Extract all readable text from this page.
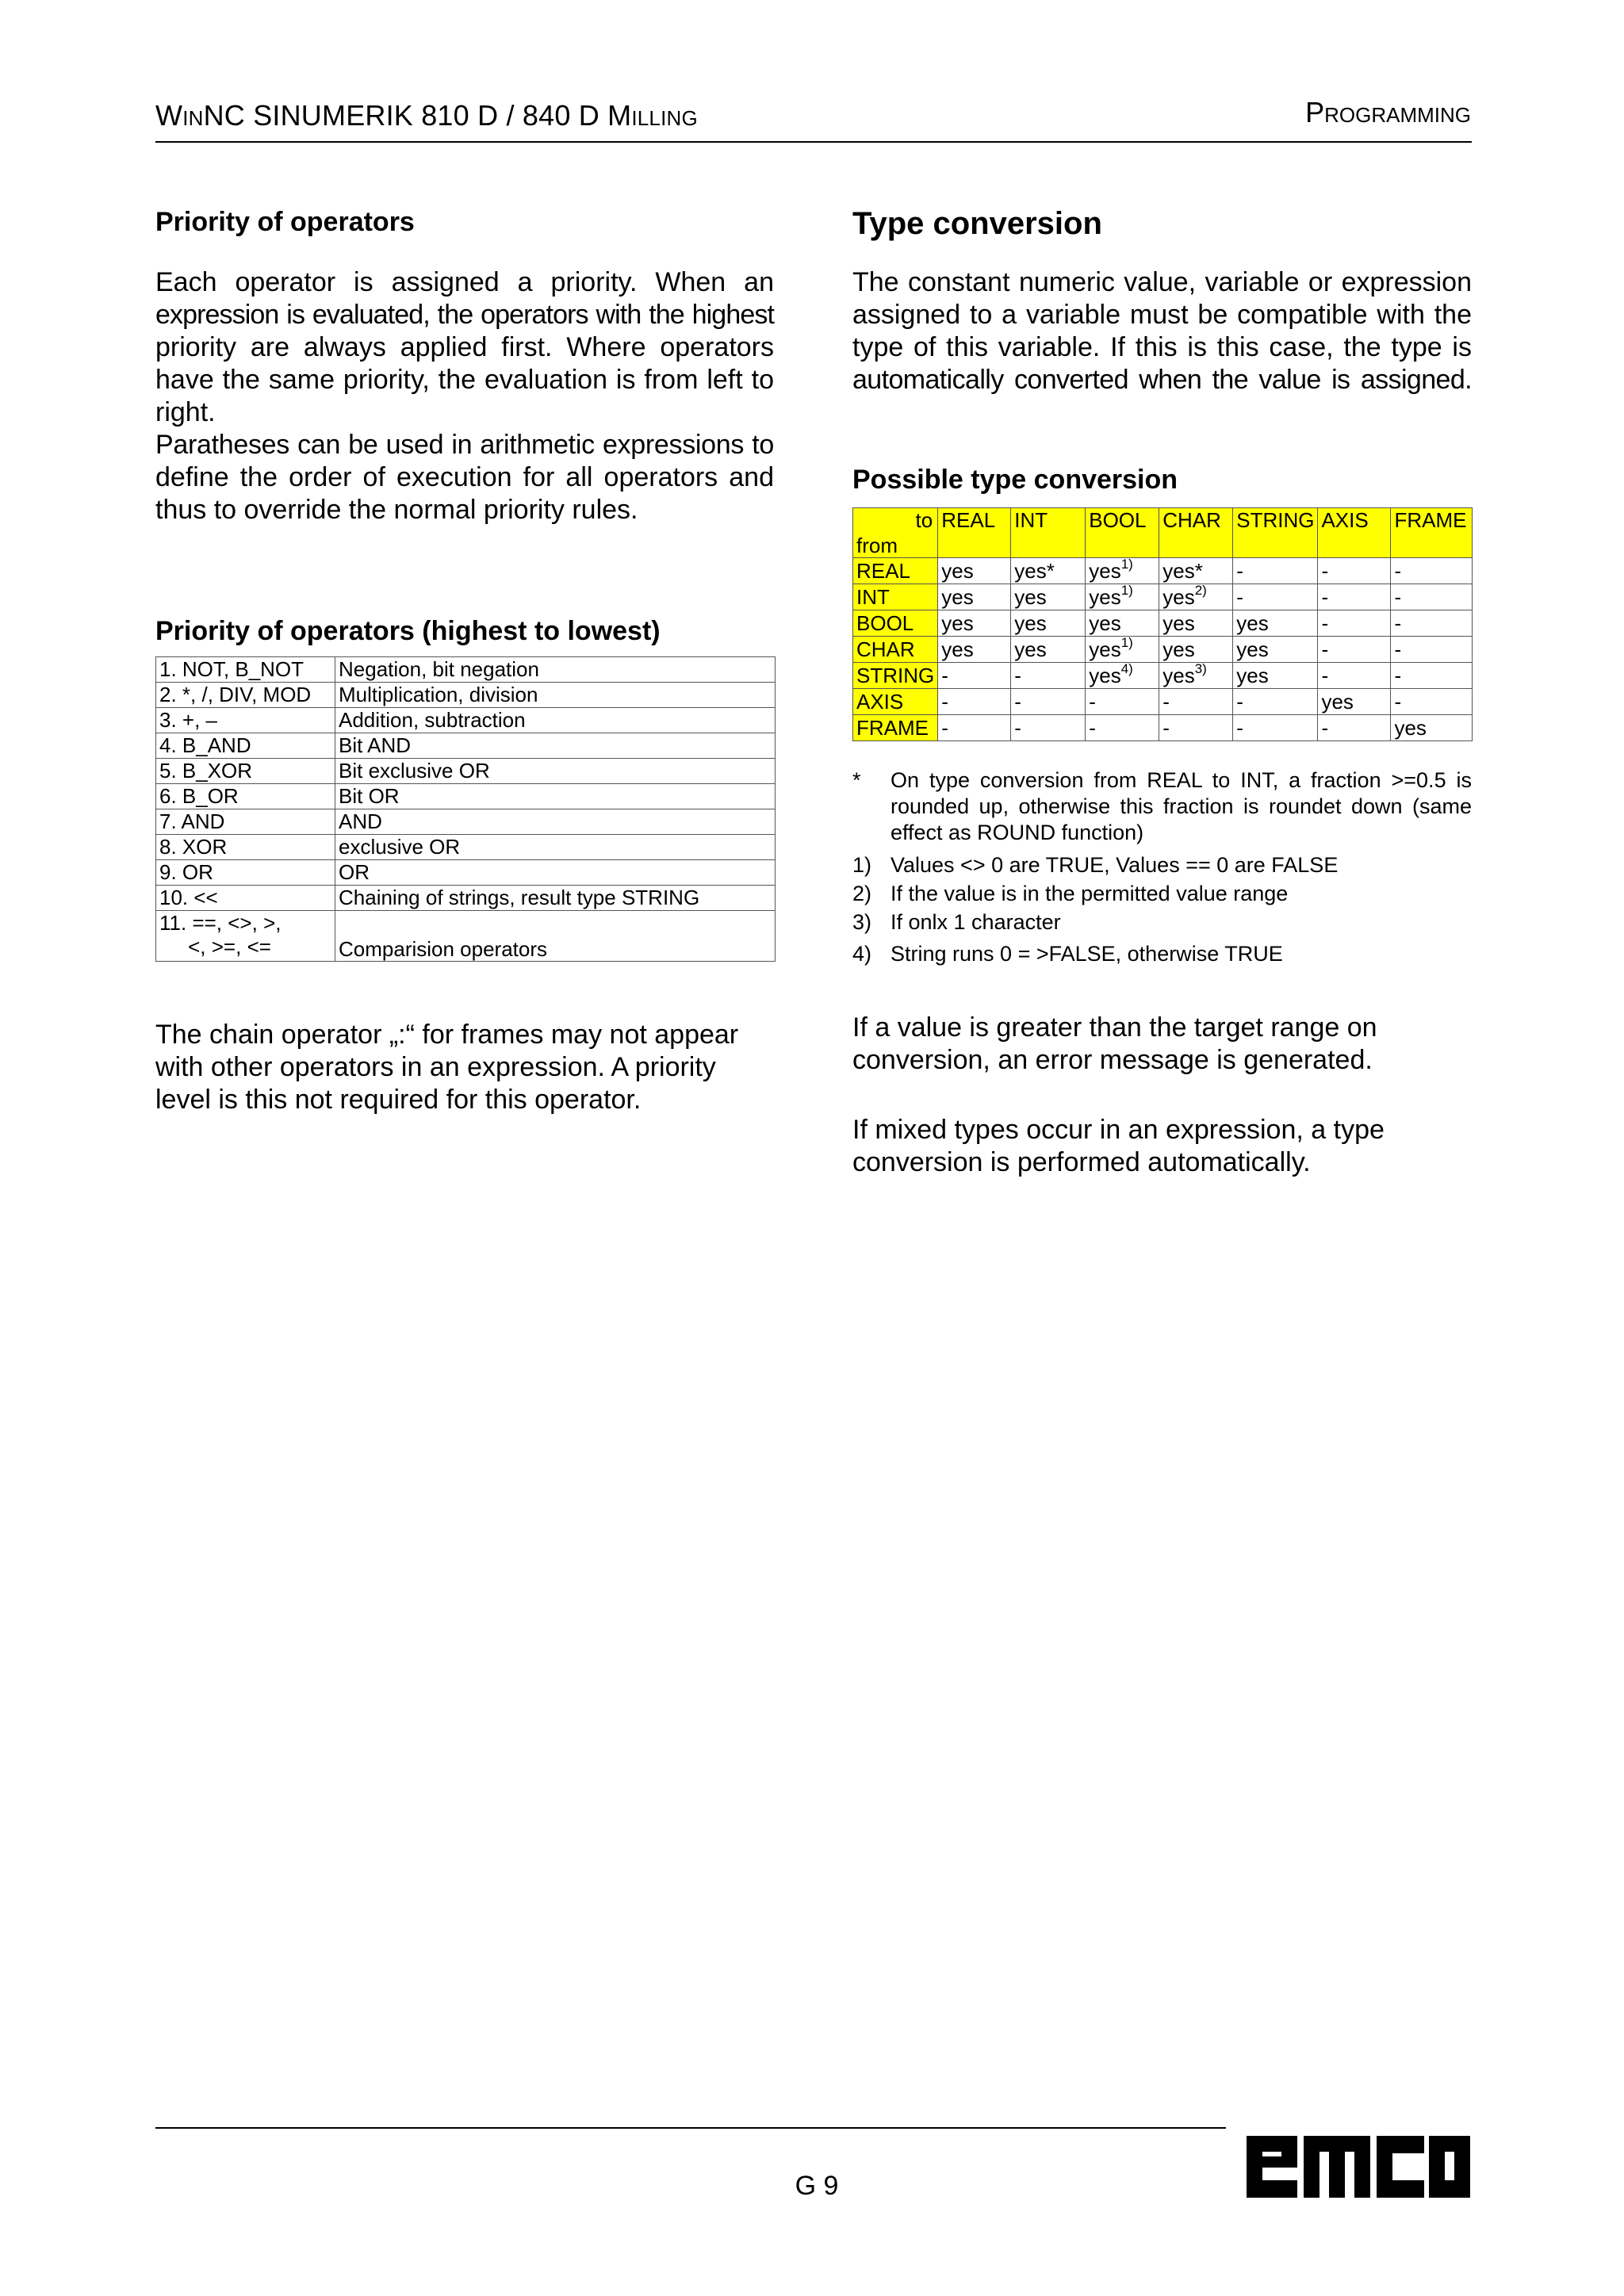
WINNC SINUMERIK 810 D / 840 D MILLING	PROGRAMMING
Priority of operators
Each operator is assigned a priority. When an
expression is evaluated, the operators with the highest
priority are always applied first. Where operators
have the same priority, the evaluation is from left to
right.
Paratheses can be used in arithmetic expressions to
define the order of execution for all operators and
thus to override the normal priority rules.
Priority of operators (highest to lowest)
1. NOT, B_NOT	Negation, bit negation
2. *, /, DIV, MOD	Multiplication, division
3. +, –	Addition, subtraction
4. B_AND	Bit AND
5. B_XOR	Bit exclusive OR
6. B_OR	Bit OR
7. AND	AND
8. XOR	exclusive OR
9. OR	OR
10. <<	Chaining of strings, result type STRING

11. ==, <>, >,
<, >=, <=	Comparision operators
The chain operator „:“ for frames may not appear
with other operators in an expression. A priority
level is this not required for this operator.
Type conversion
The constant numeric value, variable or expression
assigned to a variable must be compatible with the
type of this variable. If this is this case, the type is
automatically converted when the value is assigned.
Possible type conversion
to
from	REAL	INT	BOOL	CHAR	STRING	AXIS	FRAME
REAL	yes	yes*	yes$^{1)}$	yes*	-	-	-
INT	yes	yes	yes$^{1)}$	yes$^{2)}$	-	-	-
BOOL	yes	yes	yes	yes	yes	-	-
CHAR	yes	yes	yes$^{1)}$	yes	yes	-	-
STRING	-	-	yes$^{4)}$	yes$^{3)}$	yes	-	-
AXIS	-	-	-	-	-	yes	-
FRAME	-	-	-	-	-	-	yes
* On type conversion from REAL to INT, a fraction >=0.5 is rounded up, otherwise this fraction is roundet down (same effect as ROUND function)
1) Values <> 0 are TRUE, Values == 0 are FALSE
2) If the value is in the permitted value range
3) If onlx 1 character
4) String runs 0 = >FALSE, otherwise TRUE
If a value is greater than the target range on
conversion, an error message is generated.
If mixed types occur in an expression, a type
conversion is performed automatically.
G 9
